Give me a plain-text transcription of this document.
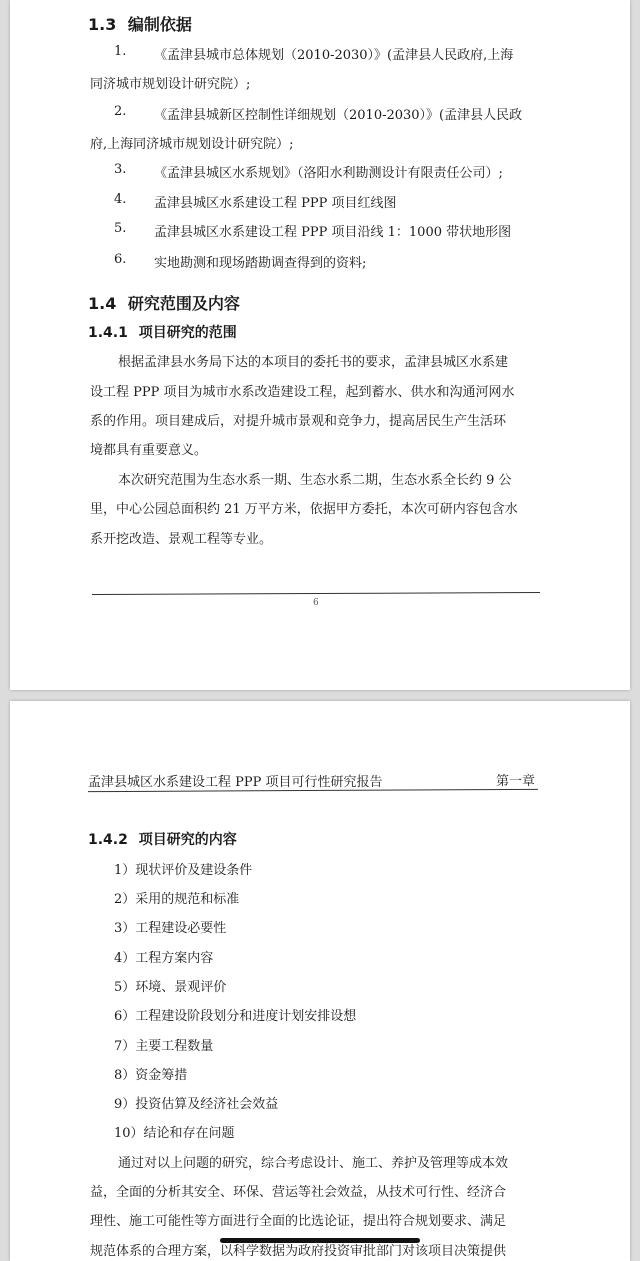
1.3 编制依据
1. 《孟津县城市总体规划（2010-2030）》(孟津县人民政府,上海
同济城市规划设计研究院）;
2. 《孟津县城新区控制性详细规划（2010-2030）》(孟津县人民政
府,上海同济城市规划设计研究院）;
3. 《孟津县城区水系规划》（洛阳水利勘测设计有限责任公司）;
4. 孟津县城区水系建设工程 PPP 项目红线图
5. 孟津县城区水系建设工程 PPP 项目沿线 1：1000 带状地形图
6. 实地勘测和现场踏勘调查得到的资料;
1.4 研究范围及内容
1.4.1 项目研究的范围
根据孟津县水务局下达的本项目的委托书的要求，孟津县城区水系建
设工程 PPP 项目为城市水系改造建设工程，起到蓄水、供水和沟通河网水
系的作用。项目建成后，对提升城市景观和竞争力，提高居民生产生活环
境都具有重要意义。
本次研究范围为生态水系一期、生态水系二期，生态水系全长约 9 公
里，中心公园总面积约 21 万平方米，依据甲方委托，本次可研内容包含水
系开挖改造、景观工程等专业。
6
孟津县城区水系建设工程 PPP 项目可行性研究报告	第一章
1.4.2 项目研究的内容
1）现状评价及建设条件
2）采用的规范和标准
3）工程建设必要性
4）工程方案内容
5）环境、景观评价
6）工程建设阶段划分和进度计划安排设想
7）主要工程数量
8）资金筹措
9）投资估算及经济社会效益
10）结论和存在问题
通过对以上问题的研究，综合考虑设计、施工、养护及管理等成本效
益，全面的分析其安全、环保、营运等社会效益，从技术可行性、经济合
理性、施工可能性等方面进行全面的比选论证，提出符合规划要求、满足
规范体系的合理方案，以科学数据为政府投资审批部门对该项目决策提供
